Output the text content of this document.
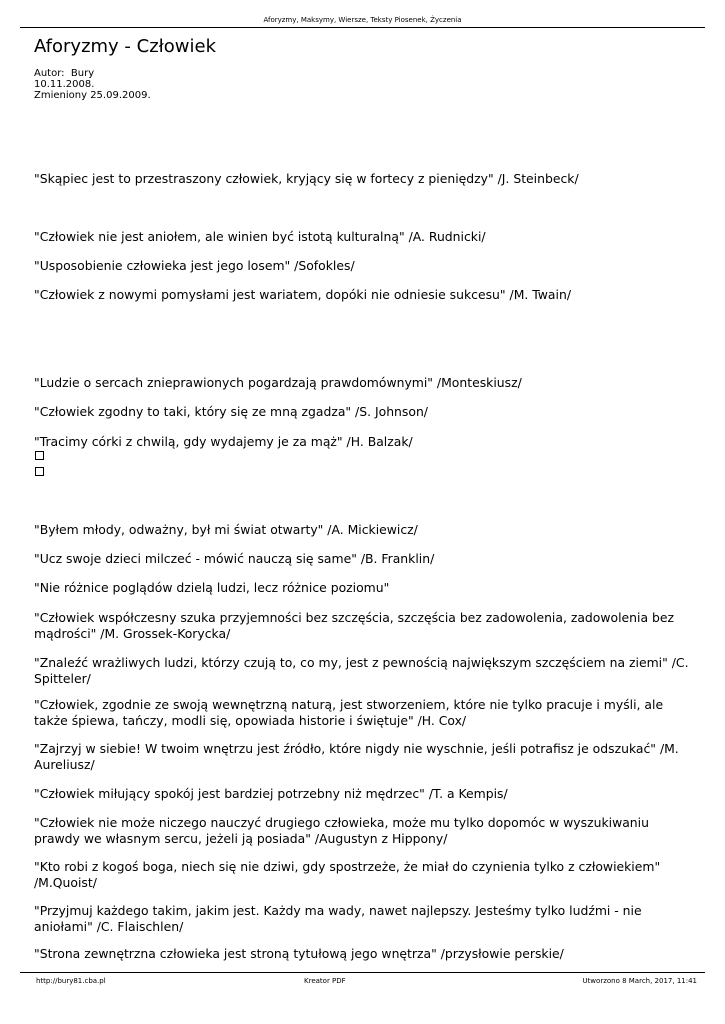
Aforyzmy, Maksymy, Wiersze, Teksty Piosenek, Życzenia
Aforyzmy - Człowiek
Autor:  Bury
10.11.2008.
Zmieniony 25.09.2009.

"Skąpiec jest to przestraszony człowiek, kryjący się w fortecy z pieniędzy" /J. Steinbeck/

"Człowiek nie jest aniołem, ale winien być istotą kulturalną" /A. Rudnicki/

"Usposobienie człowieka jest jego losem" /Sofokles/

"Człowiek z nowymi pomysłami jest wariatem, dopóki nie odniesie sukcesu" /M. Twain/

"Ludzie o sercach znieprawionych pogardzają prawdomównymi" /Monteskiusz/

"Człowiek zgodny to taki, który się ze mną zgadza" /S. Johnson/

"Tracimy córki z chwilą, gdy wydajemy je za mąż" /H. Balzak/

"Byłem młody, odważny, był mi świat otwarty" /A. Mickiewicz/

"Ucz swoje dzieci milczeć - mówić nauczą się same" /B. Franklin/

"Nie różnice poglądów dzielą ludzi, lecz różnice poziomu"

"Człowiek współczesny szuka przyjemności bez szczęścia, szczęścia bez zadowolenia, zadowolenia bez mądrości" /M. Grossek-Korycka/

"Znaleźć wrażliwych ludzi, którzy czują to, co my, jest z pewnością największym szczęściem na ziemi" /C. Spitteler/

"Człowiek, zgodnie ze swoją wewnętrzną naturą, jest stworzeniem, które nie tylko pracuje i myśli, ale także śpiewa, tańczy, modli się, opowiada historie i świętuje" /H. Cox/

"Zajrzyj w siebie! W twoim wnętrzu jest źródło, które nigdy nie wyschnie, jeśli potrafisz je odszukać" /M. Aureliusz/

"Człowiek miłujący spokój jest bardziej potrzebny niż mędrzec" /T. a Kempis/

"Człowiek nie może niczego nauczyć drugiego człowieka, może mu tylko dopomóc w wyszukiwaniu prawdy we własnym sercu, jeżeli ją posiada" /Augustyn z Hippony/

"Kto robi z kogoś boga, niech się nie dziwi, gdy spostrzeże, że miał do czynienia tylko z człowiekiem" /M.Quoist/

"Przyjmuj każdego takim, jakim jest. Każdy ma wady, nawet najlepszy. Jesteśmy tylko ludźmi - nie aniołami" /C. Flaischlen/

"Strona zewnętrzna człowieka jest stroną tytułową jego wnętrza" /przysłowie perskie/

http://bury81.cba.pl	Kreator PDF	Utworzono 8 March, 2017, 11:41
